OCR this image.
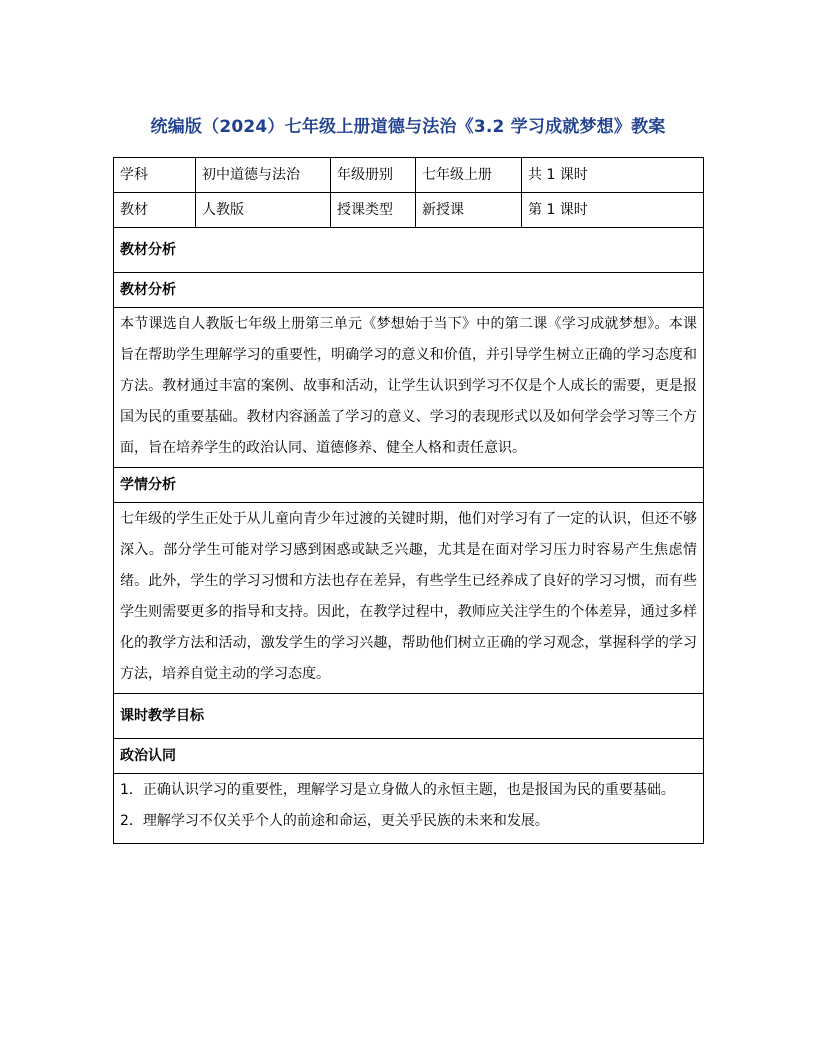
统编版（2024）七年级上册道德与法治《3.2 学习成就梦想》教案
学科	初中道德与法治	年级册别	七年级上册	共 1 课时
教材	人教版	授课类型	新授课	第 1 课时
教材分析				
教材分析				
本节课选自人教版七年级上册第三单元《梦想始于当下》中的第二课《学习成就梦想》。本课旨在帮助学生理解学习的重要性，明确学习的意义和价值，并引导学生树立正确的学习态度和方法。教材通过丰富的案例、故事和活动，让学生认识到学习不仅是个人成长的需要，更是报国为民的重要基础。教材内容涵盖了学习的意义、学习的表现形式以及如何学会学习等三个方面，旨在培养学生的政治认同、道德修养、健全人格和责任意识。				
学情分析				
七年级的学生正处于从儿童向青少年过渡的关键时期，他们对学习有了一定的认识，但还不够深入。部分学生可能对学习感到困惑或缺乏兴趣，尤其是在面对学习压力时容易产生焦虑情绪。此外，学生的学习习惯和方法也存在差异，有些学生已经养成了良好的学习习惯，而有些学生则需要更多的指导和支持。因此，在教学过程中，教师应关注学生的个体差异，通过多样化的教学方法和活动，激发学生的学习兴趣，帮助他们树立正确的学习观念，掌握科学的学习方法，培养自觉主动的学习态度。				
课时教学目标				
政治认同				

1．正确认识学习的重要性，理解学习是立身做人的永恒主题，也是报国为民的重要基础。
2．理解学习不仅关乎个人的前途和命运，更关乎民族的未来和发展。				
